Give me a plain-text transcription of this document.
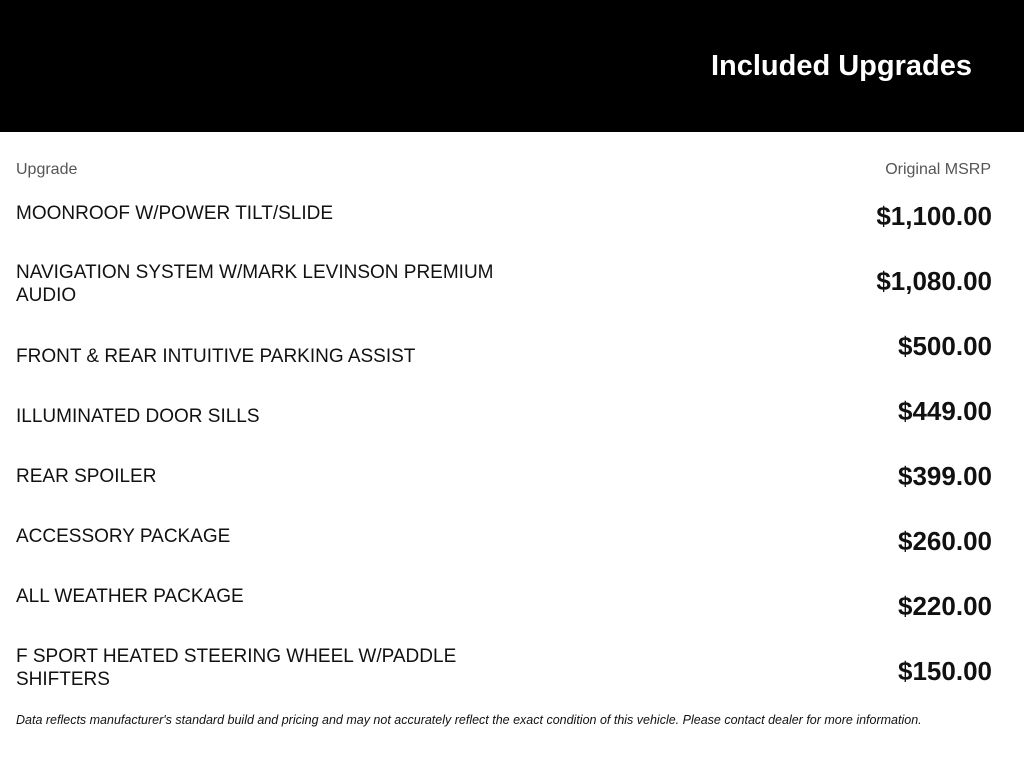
Included Upgrades
Upgrade	Original MSRP
MOONROOF W/POWER TILT/SLIDE	$1,100.00
NAVIGATION SYSTEM W/MARK LEVINSON PREMIUM AUDIO	$1,080.00
FRONT & REAR INTUITIVE PARKING ASSIST	$500.00
ILLUMINATED DOOR SILLS	$449.00
REAR SPOILER	$399.00
ACCESSORY PACKAGE	$260.00
ALL WEATHER PACKAGE	$220.00
F SPORT HEATED STEERING WHEEL W/PADDLE SHIFTERS	$150.00
Data reflects manufacturer's standard build and pricing and may not accurately reflect the exact condition of this vehicle. Please contact dealer for more information.
